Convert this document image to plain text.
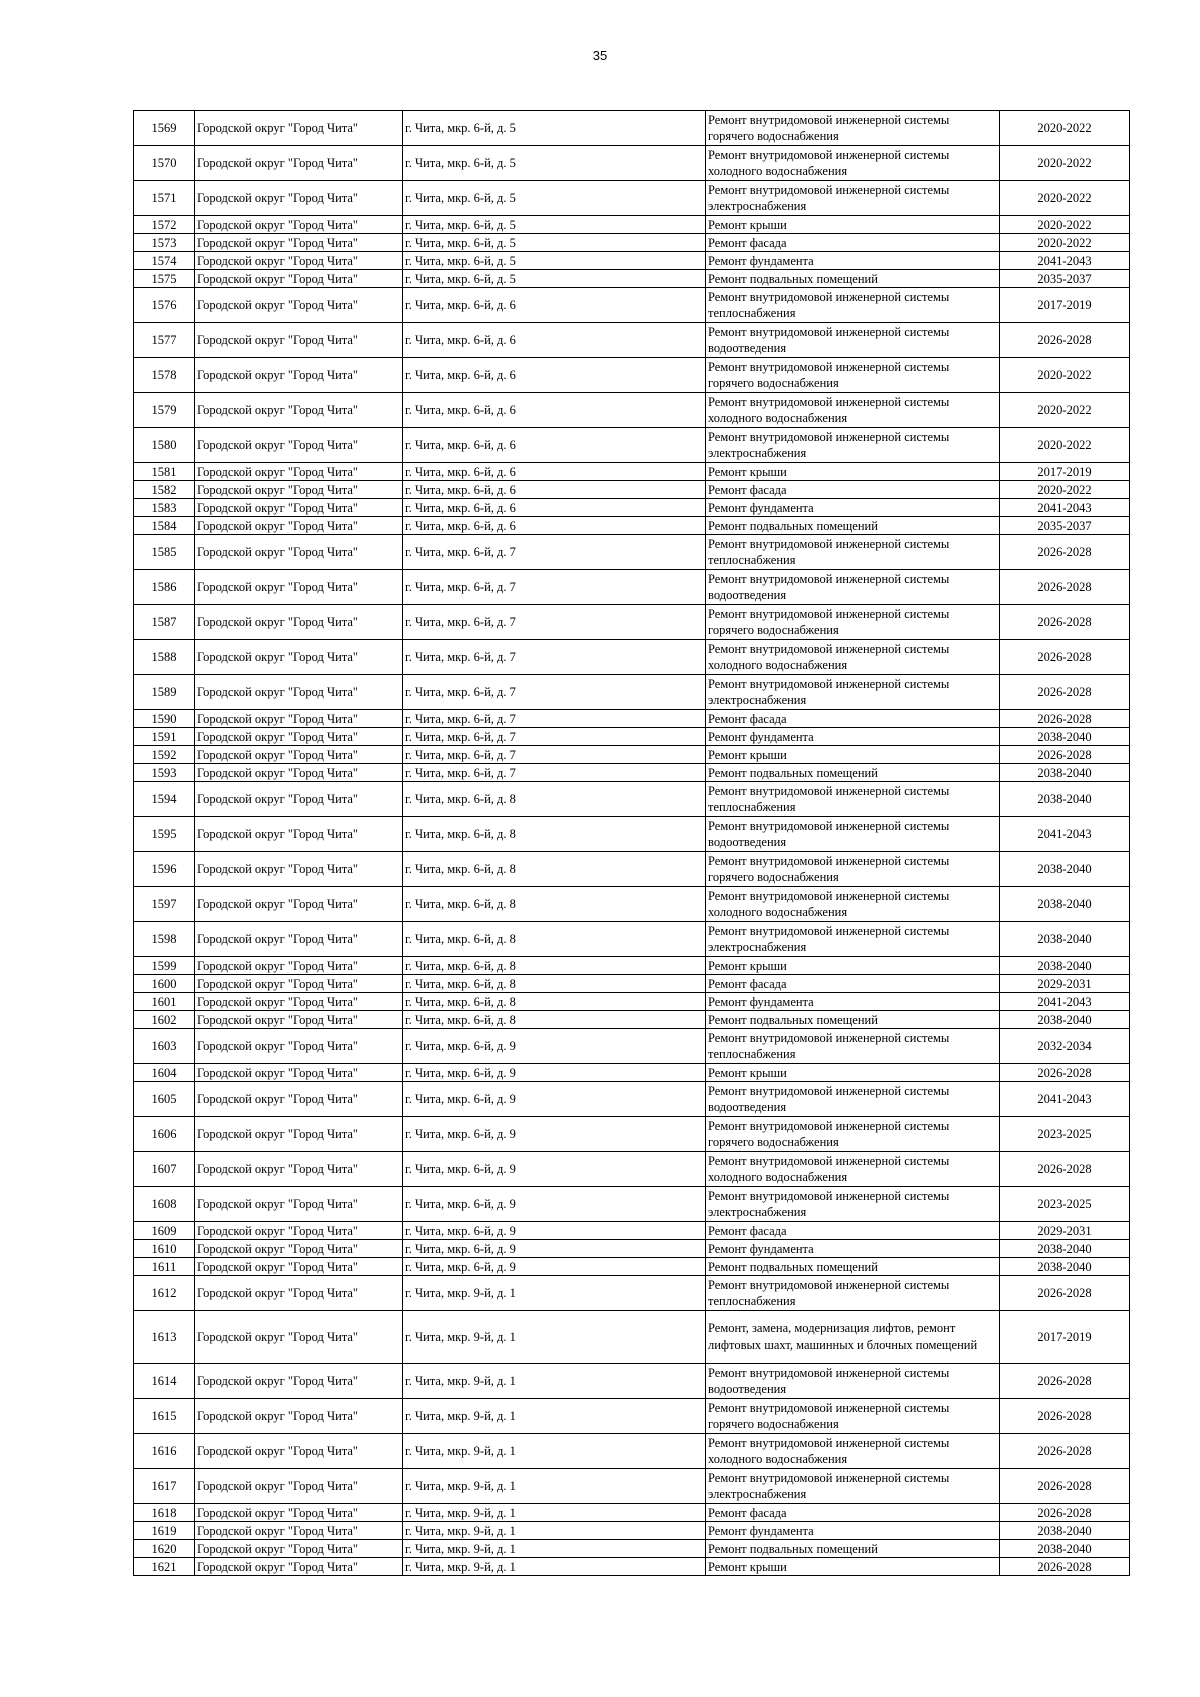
35
1569	Городской округ "Город Чита"	г. Чита, мкр. 6-й, д. 5	Ремонт внутридомовой инженерной системы горячего водоснабжения	2020-2022
1570	Городской округ "Город Чита"	г. Чита, мкр. 6-й, д. 5	Ремонт внутридомовой инженерной системы холодного водоснабжения	2020-2022
1571	Городской округ "Город Чита"	г. Чита, мкр. 6-й, д. 5	Ремонт внутридомовой инженерной системы электроснабжения	2020-2022
1572	Городской округ "Город Чита"	г. Чита, мкр. 6-й, д. 5	Ремонт крыши	2020-2022
1573	Городской округ "Город Чита"	г. Чита, мкр. 6-й, д. 5	Ремонт фасада	2020-2022
1574	Городской округ "Город Чита"	г. Чита, мкр. 6-й, д. 5	Ремонт фундамента	2041-2043
1575	Городской округ "Город Чита"	г. Чита, мкр. 6-й, д. 5	Ремонт подвальных помещений	2035-2037
1576	Городской округ "Город Чита"	г. Чита, мкр. 6-й, д. 6	Ремонт внутридомовой инженерной системы теплоснабжения	2017-2019
1577	Городской округ "Город Чита"	г. Чита, мкр. 6-й, д. 6	Ремонт внутридомовой инженерной системы водоотведения	2026-2028
1578	Городской округ "Город Чита"	г. Чита, мкр. 6-й, д. 6	Ремонт внутридомовой инженерной системы горячего водоснабжения	2020-2022
1579	Городской округ "Город Чита"	г. Чита, мкр. 6-й, д. 6	Ремонт внутридомовой инженерной системы холодного водоснабжения	2020-2022
1580	Городской округ "Город Чита"	г. Чита, мкр. 6-й, д. 6	Ремонт внутридомовой инженерной системы электроснабжения	2020-2022
1581	Городской округ "Город Чита"	г. Чита, мкр. 6-й, д. 6	Ремонт крыши	2017-2019
1582	Городской округ "Город Чита"	г. Чита, мкр. 6-й, д. 6	Ремонт фасада	2020-2022
1583	Городской округ "Город Чита"	г. Чита, мкр. 6-й, д. 6	Ремонт фундамента	2041-2043
1584	Городской округ "Город Чита"	г. Чита, мкр. 6-й, д. 6	Ремонт подвальных помещений	2035-2037
1585	Городской округ "Город Чита"	г. Чита, мкр. 6-й, д. 7	Ремонт внутридомовой инженерной системы теплоснабжения	2026-2028
1586	Городской округ "Город Чита"	г. Чита, мкр. 6-й, д. 7	Ремонт внутридомовой инженерной системы водоотведения	2026-2028
1587	Городской округ "Город Чита"	г. Чита, мкр. 6-й, д. 7	Ремонт внутридомовой инженерной системы горячего водоснабжения	2026-2028
1588	Городской округ "Город Чита"	г. Чита, мкр. 6-й, д. 7	Ремонт внутридомовой инженерной системы холодного водоснабжения	2026-2028
1589	Городской округ "Город Чита"	г. Чита, мкр. 6-й, д. 7	Ремонт внутридомовой инженерной системы электроснабжения	2026-2028
1590	Городской округ "Город Чита"	г. Чита, мкр. 6-й, д. 7	Ремонт фасада	2026-2028
1591	Городской округ "Город Чита"	г. Чита, мкр. 6-й, д. 7	Ремонт фундамента	2038-2040
1592	Городской округ "Город Чита"	г. Чита, мкр. 6-й, д. 7	Ремонт крыши	2026-2028
1593	Городской округ "Город Чита"	г. Чита, мкр. 6-й, д. 7	Ремонт подвальных помещений	2038-2040
1594	Городской округ "Город Чита"	г. Чита, мкр. 6-й, д. 8	Ремонт внутридомовой инженерной системы теплоснабжения	2038-2040
1595	Городской округ "Город Чита"	г. Чита, мкр. 6-й, д. 8	Ремонт внутридомовой инженерной системы водоотведения	2041-2043
1596	Городской округ "Город Чита"	г. Чита, мкр. 6-й, д. 8	Ремонт внутридомовой инженерной системы горячего водоснабжения	2038-2040
1597	Городской округ "Город Чита"	г. Чита, мкр. 6-й, д. 8	Ремонт внутридомовой инженерной системы холодного водоснабжения	2038-2040
1598	Городской округ "Город Чита"	г. Чита, мкр. 6-й, д. 8	Ремонт внутридомовой инженерной системы электроснабжения	2038-2040
1599	Городской округ "Город Чита"	г. Чита, мкр. 6-й, д. 8	Ремонт крыши	2038-2040
1600	Городской округ "Город Чита"	г. Чита, мкр. 6-й, д. 8	Ремонт фасада	2029-2031
1601	Городской округ "Город Чита"	г. Чита, мкр. 6-й, д. 8	Ремонт фундамента	2041-2043
1602	Городской округ "Город Чита"	г. Чита, мкр. 6-й, д. 8	Ремонт подвальных помещений	2038-2040
1603	Городской округ "Город Чита"	г. Чита, мкр. 6-й, д. 9	Ремонт внутридомовой инженерной системы теплоснабжения	2032-2034
1604	Городской округ "Город Чита"	г. Чита, мкр. 6-й, д. 9	Ремонт крыши	2026-2028
1605	Городской округ "Город Чита"	г. Чита, мкр. 6-й, д. 9	Ремонт внутридомовой инженерной системы водоотведения	2041-2043
1606	Городской округ "Город Чита"	г. Чита, мкр. 6-й, д. 9	Ремонт внутридомовой инженерной системы горячего водоснабжения	2023-2025
1607	Городской округ "Город Чита"	г. Чита, мкр. 6-й, д. 9	Ремонт внутридомовой инженерной системы холодного водоснабжения	2026-2028
1608	Городской округ "Город Чита"	г. Чита, мкр. 6-й, д. 9	Ремонт внутридомовой инженерной системы электроснабжения	2023-2025
1609	Городской округ "Город Чита"	г. Чита, мкр. 6-й, д. 9	Ремонт фасада	2029-2031
1610	Городской округ "Город Чита"	г. Чита, мкр. 6-й, д. 9	Ремонт фундамента	2038-2040
1611	Городской округ "Город Чита"	г. Чита, мкр. 6-й, д. 9	Ремонт подвальных помещений	2038-2040
1612	Городской округ "Город Чита"	г. Чита, мкр. 9-й, д. 1	Ремонт внутридомовой инженерной системы теплоснабжения	2026-2028
1613	Городской округ "Город Чита"	г. Чита, мкр. 9-й, д. 1	Ремонт, замена, модернизация лифтов, ремонт лифтовых шахт, машинных и блочных помещений	2017-2019
1614	Городской округ "Город Чита"	г. Чита, мкр. 9-й, д. 1	Ремонт внутридомовой инженерной системы водоотведения	2026-2028
1615	Городской округ "Город Чита"	г. Чита, мкр. 9-й, д. 1	Ремонт внутридомовой инженерной системы горячего водоснабжения	2026-2028
1616	Городской округ "Город Чита"	г. Чита, мкр. 9-й, д. 1	Ремонт внутридомовой инженерной системы холодного водоснабжения	2026-2028
1617	Городской округ "Город Чита"	г. Чита, мкр. 9-й, д. 1	Ремонт внутридомовой инженерной системы электроснабжения	2026-2028
1618	Городской округ "Город Чита"	г. Чита, мкр. 9-й, д. 1	Ремонт фасада	2026-2028
1619	Городской округ "Город Чита"	г. Чита, мкр. 9-й, д. 1	Ремонт фундамента	2038-2040
1620	Городской округ "Город Чита"	г. Чита, мкр. 9-й, д. 1	Ремонт подвальных помещений	2038-2040
1621	Городской округ "Город Чита"	г. Чита, мкр. 9-й, д. 1	Ремонт крыши	2026-2028
